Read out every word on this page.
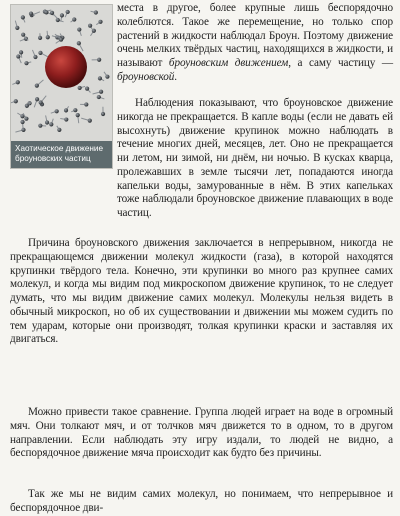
Хаотическое движение броуновских частиц

места в другое, более крупные лишь беспорядочно колеблются. Такое же перемещение, но только спор растений в жидкости наблюдал Броун. Поэтому движение очень мелких твёрдых частиц, находящихся в жидкости, и называют броуновским движением, а саму частицу — броуновской.

Наблюдения показывают, что броуновское движение никогда не прекращается. В капле воды (если не давать ей высохнуть) движение крупинок можно наблюдать в течение многих дней, месяцев, лет. Оно не прекращается ни летом, ни зимой, ни днём, ни ночью. В кусках кварца, пролежавших в земле тысячи лет, попадаются иногда капельки воды, замурованные в нём. В этих капельках тоже наблюдали броуновское движение плавающих в воде частиц.

Причина броуновского движения заключается в непрерывном, никогда не прекращающемся движении молекул жидкости (газа), в которой находятся крупинки твёрдого тела. Конечно, эти крупинки во много раз крупнее самих молекул, и когда мы видим под микроскопом движение крупинок, то не следует думать, что мы видим движение самих молекул. Молекулы нельзя видеть в обычный микроскоп, но об их существовании и движении мы можем судить по тем ударам, которые они производят, толкая крупинки краски и заставляя их двигаться.

Можно привести такое сравнение. Группа людей играет на воде в огромный мяч. Они толкают мяч, и от толчков мяч движется то в одном, то в другом направлении. Если наблюдать эту игру издали, то людей не видно, а беспорядочное движение мяча происходит как будто без причины.

Так же мы не видим самих молекул, но понимаем, что непрерывное и беспорядочное дви-
